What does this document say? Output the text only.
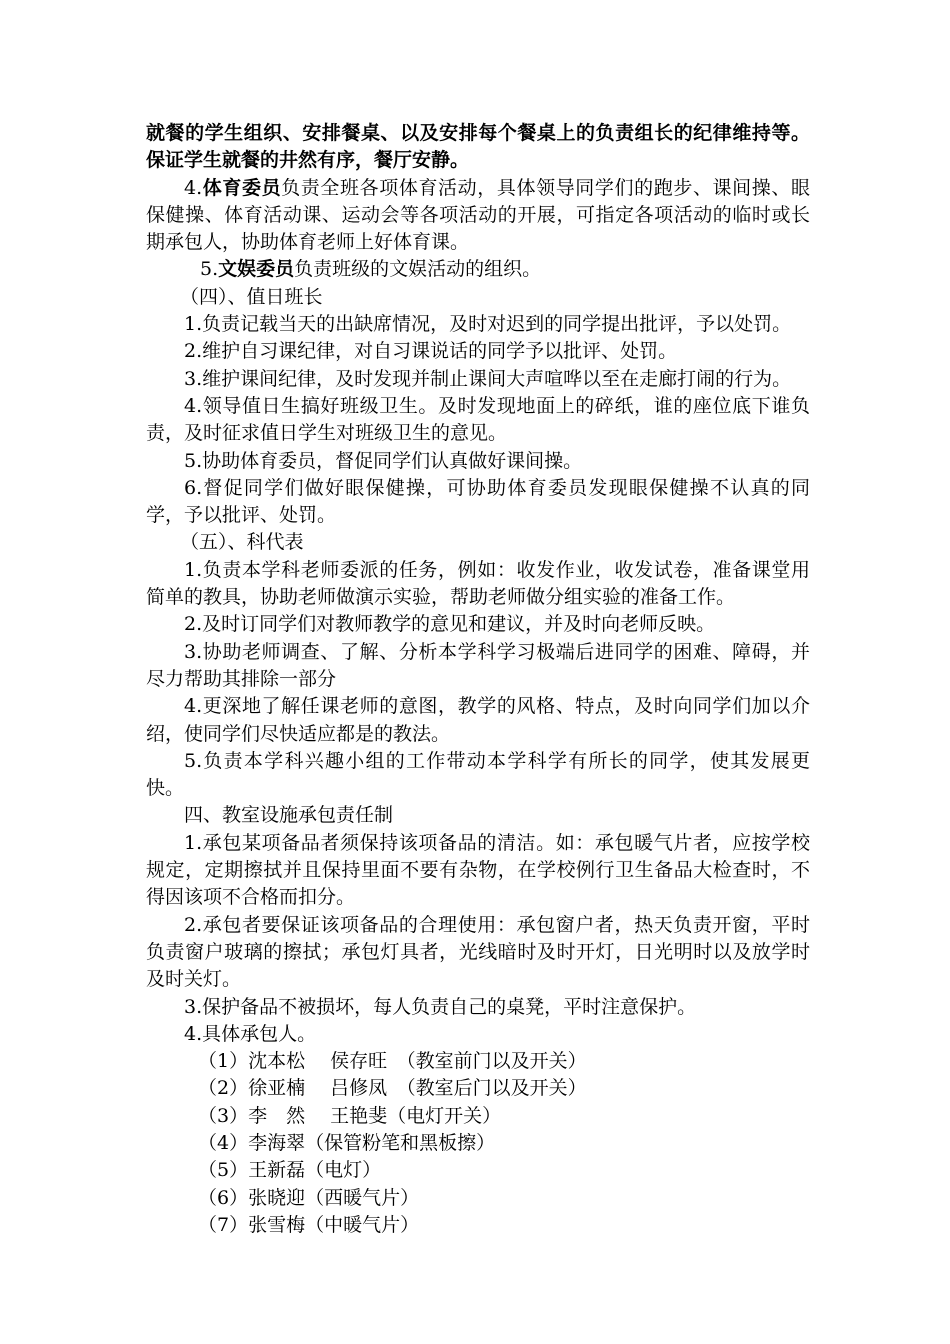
就餐的学生组织、安排餐桌、以及安排每个餐桌上的负责组长的纪律维持等。保证学生就餐的井然有序，餐厅安静。

4.体育委员负责全班各项体育活动，具体领导同学们的跑步、课间操、眼保健操、体育活动课、运动会等各项活动的开展，可指定各项活动的临时或长期承包人，协助体育老师上好体育课。

5.文娱委员负责班级的文娱活动的组织。

（四）、值日班长

1.负责记载当天的出缺席情况，及时对迟到的同学提出批评，予以处罚。

2.维护自习课纪律，对自习课说话的同学予以批评、处罚。

3.维护课间纪律，及时发现并制止课间大声喧哗以至在走廊打闹的行为。

4.领导值日生搞好班级卫生。及时发现地面上的碎纸，谁的座位底下谁负责，及时征求值日学生对班级卫生的意见。

5.协助体育委员，督促同学们认真做好课间操。

6.督促同学们做好眼保健操，可协助体育委员发现眼保健操不认真的同学，予以批评、处罚。

（五）、科代表

1.负责本学科老师委派的任务，例如：收发作业，收发试卷，准备课堂用简单的教具，协助老师做演示实验，帮助老师做分组实验的准备工作。

2.及时订同学们对教师教学的意见和建议，并及时向老师反映。

3.协助老师调查、了解、分析本学科学习极端后进同学的困难、障碍，并尽力帮助其排除一部分

4.更深地了解任课老师的意图，教学的风格、特点，及时向同学们加以介绍，使同学们尽快适应都是的教法。

5.负责本学科兴趣小组的工作带动本学科学有所长的同学，使其发展更快。

四、教室设施承包责任制

1.承包某项备品者须保持该项备品的清洁。如：承包暖气片者，应按学校规定，定期擦拭并且保持里面不要有杂物，在学校例行卫生备品大检查时，不得因该项不合格而扣分。

2.承包者要保证该项备品的合理使用：承包窗户者，热天负责开窗，平时负责窗户玻璃的擦拭；承包灯具者，光线暗时及时开灯，日光明时以及放学时及时关灯。

3.保护备品不被损坏，每人负责自己的桌凳，平时注意保护。

4.具体承包人。

（1）沈本松　 侯存旺　（教室前门以及开关）

（2）徐亚楠　 吕修凤　（教室后门以及开关）

（3）李　然　 王艳斐（电灯开关）

（4）李海翠（保管粉笔和黑板擦）

（5）王新磊（电灯）

（6）张晓迎（西暖气片）

（7）张雪梅（中暖气片）
